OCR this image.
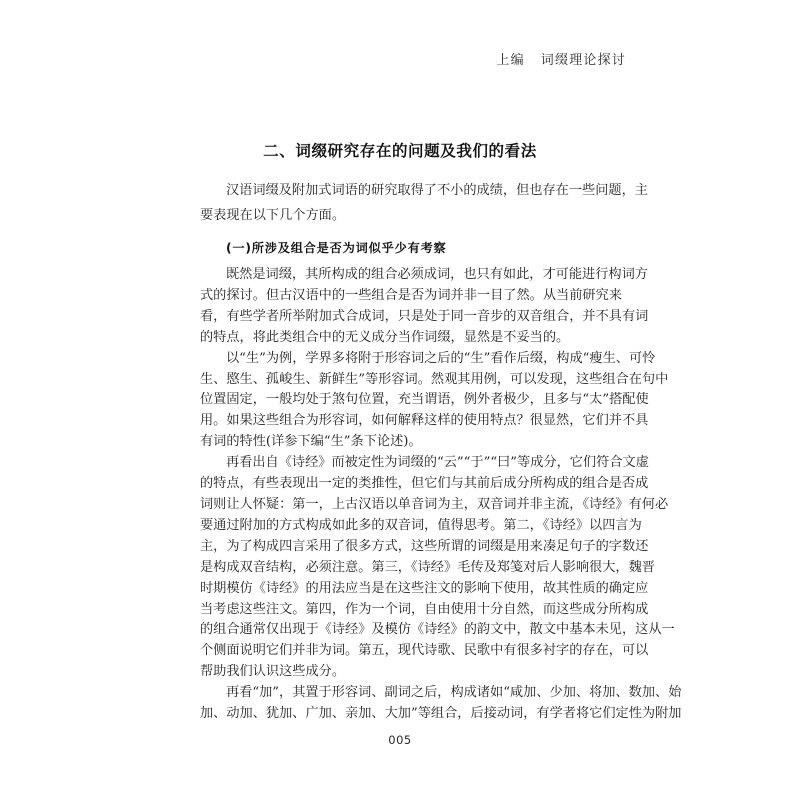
上编 词缀理论探讨
二、词缀研究存在的问题及我们的看法
汉语词缀及附加式词语的研究取得了不小的成绩，但也存在一些问题，主
要表现在以下几个方面。
(一)所涉及组合是否为词似乎少有考察
既然是词缀，其所构成的组合必须成词，也只有如此，才可能进行构词方
式的探讨。但古汉语中的一些组合是否为词并非一目了然。从当前研究来
看，有些学者所举附加式合成词，只是处于同一音步的双音组合，并不具有词
的特点，将此类组合中的无义成分当作词缀，显然是不妥当的。
以“生”为例，学界多将附于形容词之后的“生”看作后缀，构成“瘦生、可怜
生、愍生、孤峻生、新鲜生”等形容词。然观其用例，可以发现，这些组合在句中
位置固定，一般均处于煞句位置，充当谓语，例外者极少，且多与“太”搭配使
用。如果这些组合为形容词，如何解释这样的使用特点？很显然，它们并不具
有词的特性(详参下编“生”条下论述)。
再看出自《诗经》而被定性为词缀的“云”“于”“曰”等成分，它们符合文虚
的特点，有些表现出一定的类推性，但它们与其前后成分所构成的组合是否成
词则让人怀疑：第一，上古汉语以单音词为主，双音词并非主流，《诗经》有何必
要通过附加的方式构成如此多的双音词，值得思考。第二，《诗经》以四言为
主，为了构成四言采用了很多方式，这些所谓的词缀是用来凑足句子的字数还
是构成双音结构，必须注意。第三，《诗经》毛传及郑笺对后人影响很大，魏晋
时期模仿《诗经》的用法应当是在这些注文的影响下使用，故其性质的确定应
当考虑这些注文。第四，作为一个词，自由使用十分自然，而这些成分所构成
的组合通常仅出现于《诗经》及模仿《诗经》的韵文中，散文中基本未见，这从一
个侧面说明它们并非为词。第五，现代诗歌、民歌中有很多衬字的存在，可以
帮助我们认识这些成分。
再看“加”，其置于形容词、副词之后，构成诸如“咸加、少加、将加、数加、始
加、动加、犹加、广加、亲加、大加”等组合，后接动词，有学者将它们定性为附加
005
